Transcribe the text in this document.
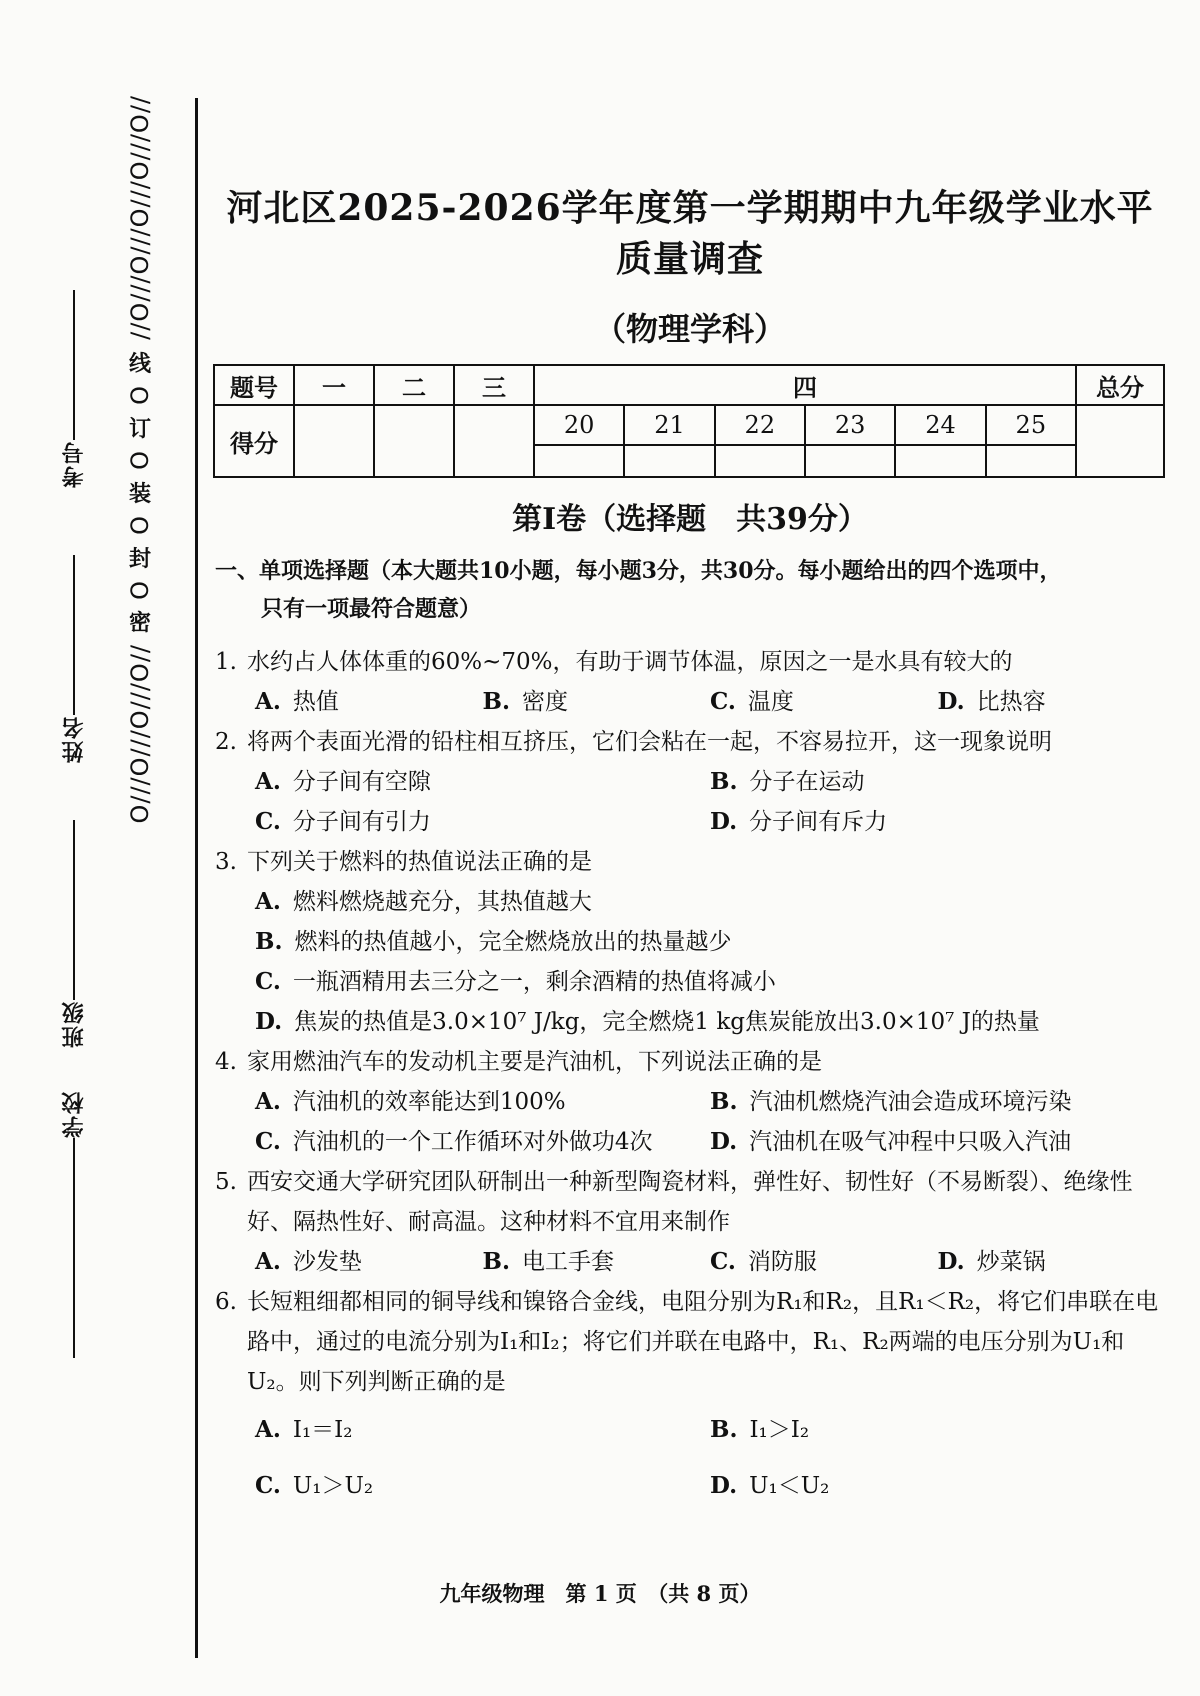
考号
姓名
班级
学校
//O///O///O///O///O//
线
O
订
O
装
O
封
O
密
O///O///O///O//
河北区2025-2026学年度第一学期期中九年级学业水平质量调查
（物理学科）
题号	一	二	三	四						总分
得分				20	21	22	23	24	25	

第Ⅰ卷（选择题　共39分）
一、单项选择题（本大题共10小题，每小题3分，共30分。每小题给出的四个选项中，
只有一项最符合题意）
1. 水约占人体体重的60%~70%，有助于调节体温，原因之一是水具有较大的
A. 热值	B. 密度	C. 温度	D. 比热容
2. 将两个表面光滑的铅柱相互挤压，它们会粘在一起，不容易拉开，这一现象说明
A. 分子间有空隙	B. 分子在运动
C. 分子间有引力	D. 分子间有斥力
3. 下列关于燃料的热值说法正确的是
A. 燃料燃烧越充分，其热值越大
B. 燃料的热值越小，完全燃烧放出的热量越少
C. 一瓶酒精用去三分之一，剩余酒精的热值将减小
D. 焦炭的热值是3.0×10⁷ J/kg，完全燃烧1 kg焦炭能放出3.0×10⁷ J的热量
4. 家用燃油汽车的发动机主要是汽油机，下列说法正确的是
A. 汽油机的效率能达到100%	B. 汽油机燃烧汽油会造成环境污染
C. 汽油机的一个工作循环对外做功4次	D. 汽油机在吸气冲程中只吸入汽油
5. 西安交通大学研究团队研制出一种新型陶瓷材料，弹性好、韧性好（不易断裂）、绝缘性好、隔热性好、耐高温。这种材料不宜用来制作
A. 沙发垫	B. 电工手套	C. 消防服	D. 炒菜锅
6. 长短粗细都相同的铜导线和镍铬合金线，电阻分别为R₁和R₂，且R₁＜R₂，将它们串联在电路中，通过的电流分别为I₁和I₂；将它们并联在电路中，R₁、R₂两端的电压分别为U₁和U₂。则下列判断正确的是
A. I₁＝I₂	B. I₁＞I₂
C. U₁＞U₂	D. U₁＜U₂
九年级物理　第 1 页　（共 8 页）
